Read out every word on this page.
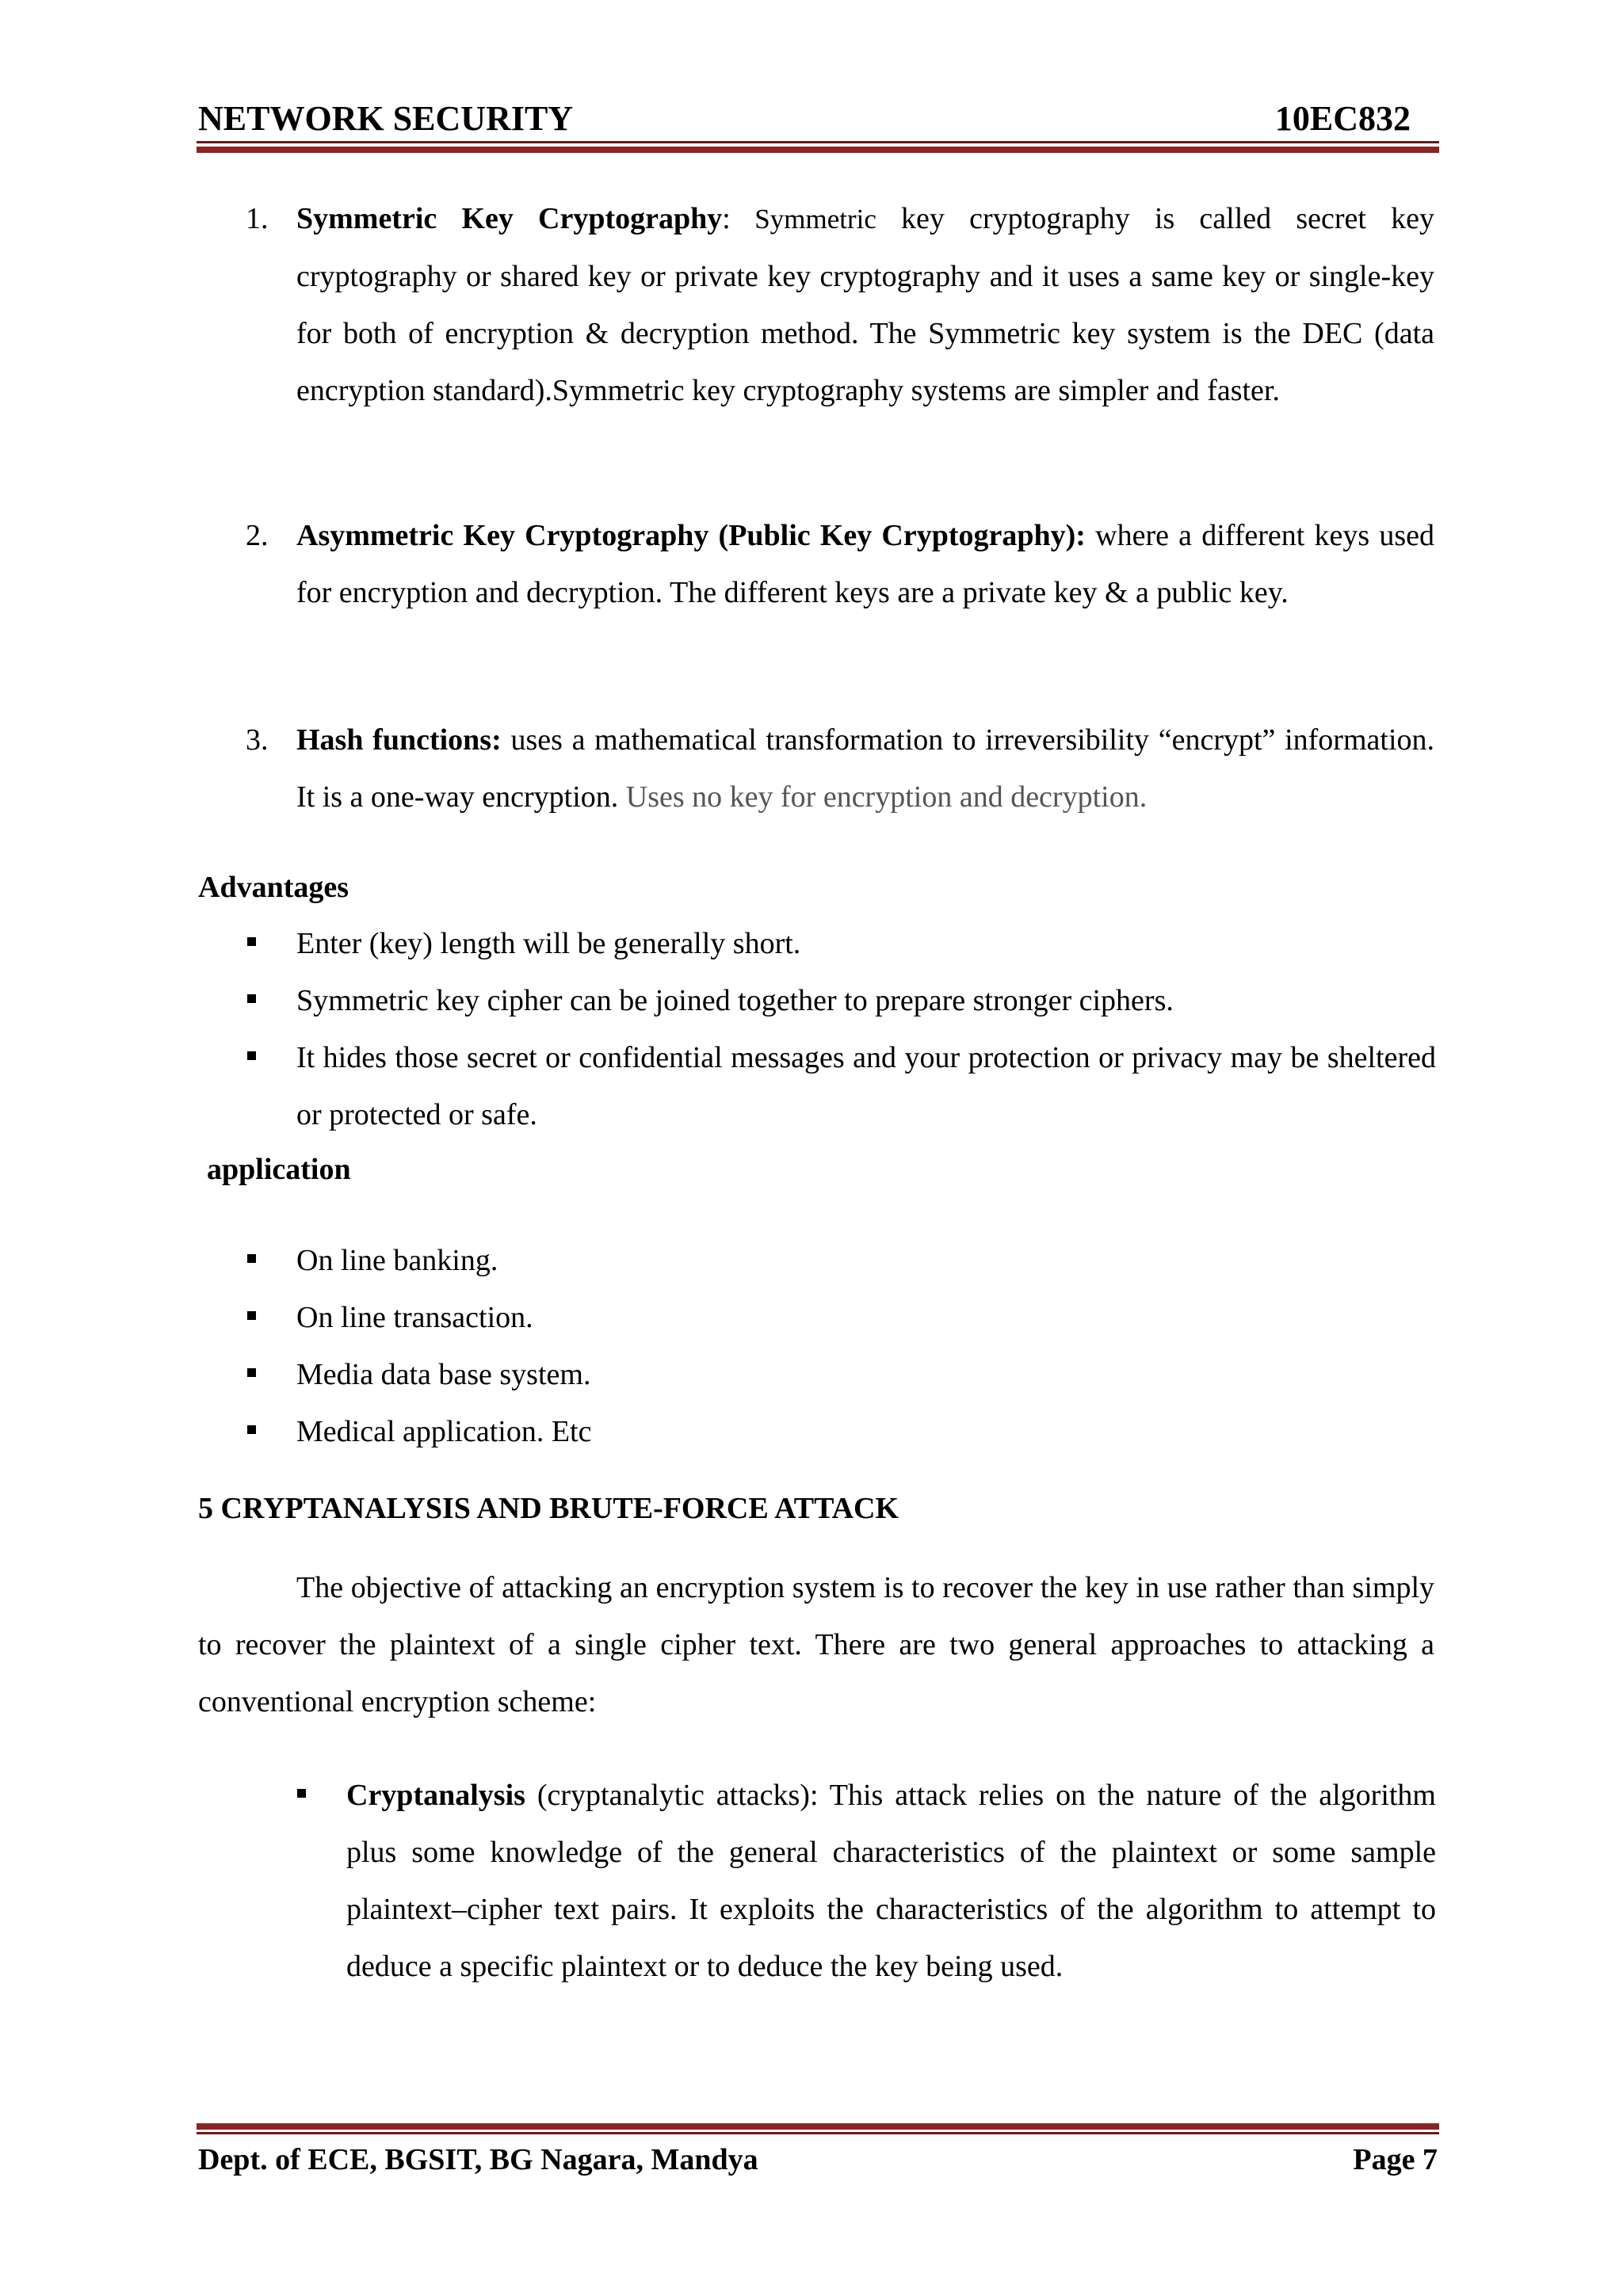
NETWORK SECURITY	10EC832
1. Symmetric Key Cryptography: Symmetric key cryptography is called secret key cryptography or shared key or private key cryptography and it uses a same key or single-key for both of encryption & decryption method. The Symmetric key system is the DEC (data encryption standard).Symmetric key cryptography systems are simpler and faster.
2. Asymmetric Key Cryptography (Public Key Cryptography): where a different keys used for encryption and decryption. The different keys are a private key & a public key.
3. Hash functions: uses a mathematical transformation to irreversibility “encrypt” information. It is a one-way encryption. Uses no key for encryption and decryption.
Advantages
Enter (key) length will be generally short.
Symmetric key cipher can be joined together to prepare stronger ciphers.
It hides those secret or confidential messages and your protection or privacy may be sheltered or protected or safe.
application
On line banking.
On line transaction.
Media data base system.
Medical application. Etc
5 CRYPTANALYSIS AND BRUTE-FORCE ATTACK
The objective of attacking an encryption system is to recover the key in use rather than simply to recover the plaintext of a single cipher text. There are two general approaches to attacking a conventional encryption scheme:
Cryptanalysis (cryptanalytic attacks): This attack relies on the nature of the algorithm plus some knowledge of the general characteristics of the plaintext or some sample plaintext–cipher text pairs. It exploits the characteristics of the algorithm to attempt to deduce a specific plaintext or to deduce the key being used.
Dept. of ECE, BGSIT, BG Nagara, Mandya	Page 7
